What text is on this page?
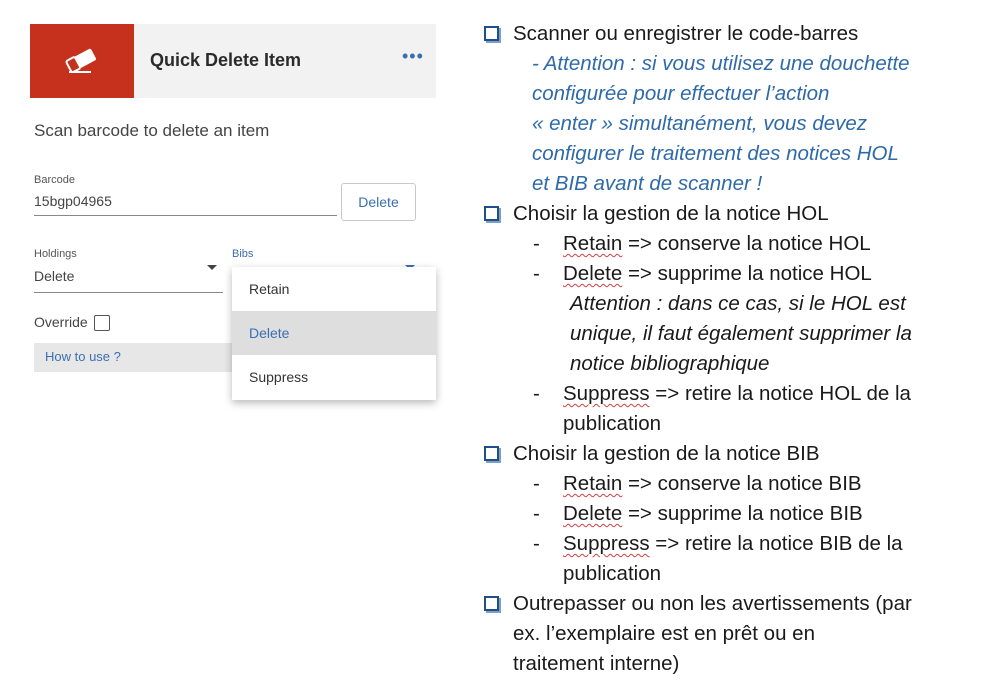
Quick Delete Item	•••
Scan barcode to delete an item
Barcode
15bgp04965	Delete
Holdings
Delete
Bibs
Override
How to use ?
Retain
Delete
Suppress
Scanner ou enregistrer le code-barres
- Attention : si vous utilisez une douchette
configurée pour effectuer l’action
« enter » simultanément, vous devez
configurer le traitement des notices HOL
et BIB avant de scanner !
Choisir la gestion de la notice HOL
- Retain => conserve la notice HOL
- Delete => supprime la notice HOL
Attention : dans ce cas, si le HOL est
unique, il faut également supprimer la
notice bibliographique
- Suppress => retire la notice HOL de la
publication
Choisir la gestion de la notice BIB
- Retain => conserve la notice BIB
- Delete => supprime la notice BIB
- Suppress => retire la notice BIB de la
publication
Outrepasser ou non les avertissements (par
ex. l’exemplaire est en prêt ou en
traitement interne)
